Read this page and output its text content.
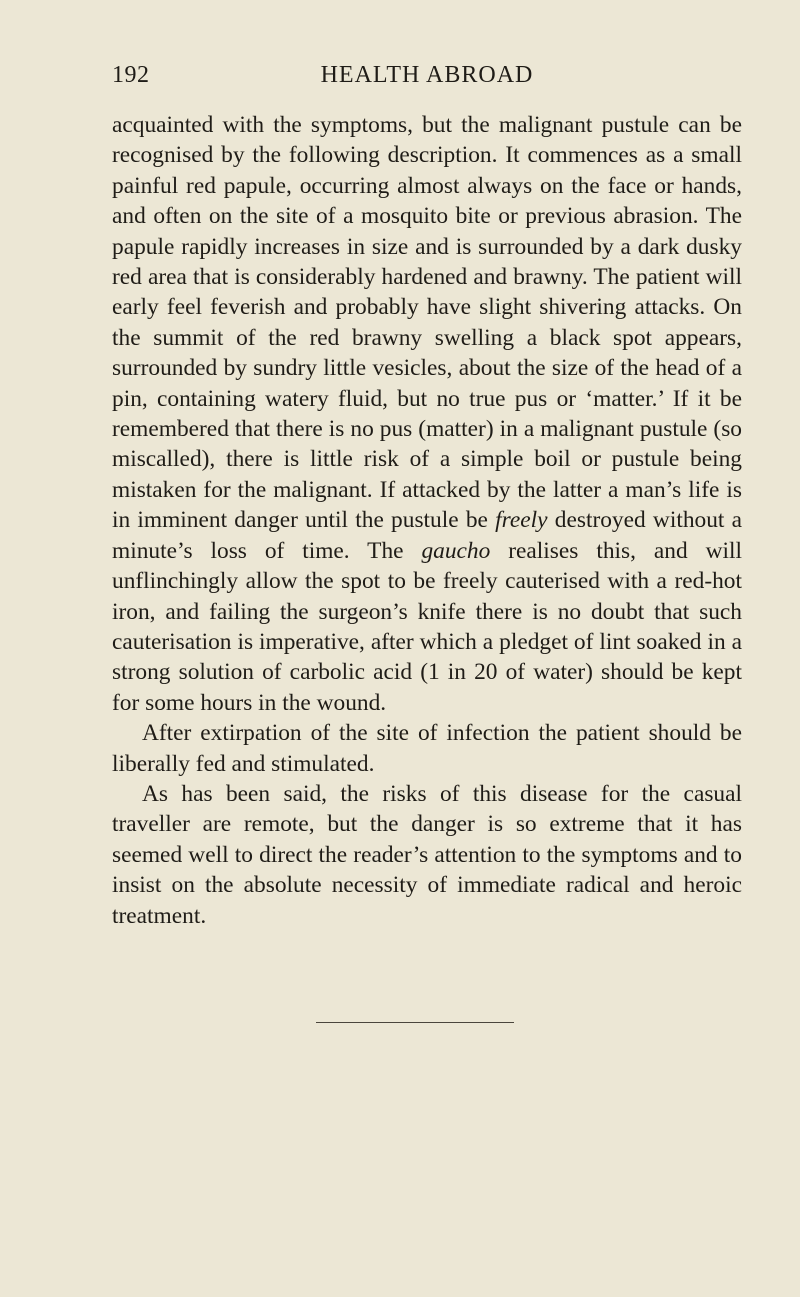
192	HEALTH ABROAD

acquainted with the symptoms, but the malignant pustule can be recognised by the following description. It commences as a small painful red papule, occurring almost always on the face or hands, and often on the site of a mosquito bite or previous abrasion. The papule rapidly increases in size and is surrounded by a dark dusky red area that is considerably hardened and brawny. The patient will early feel feverish and probably have slight shivering attacks. On the summit of the red brawny swelling a black spot appears, surrounded by sundry little vesicles, about the size of the head of a pin, containing watery fluid, but no true pus or ‘matter.’ If it be remembered that there is no pus (matter) in a malignant pustule (so miscalled), there is little risk of a simple boil or pustule being mistaken for the malignant. If attacked by the latter a man’s life is in imminent danger until the pustule be freely destroyed without a minute’s loss of time. The gaucho realises this, and will unflinchingly allow the spot to be freely cauterised with a red-hot iron, and failing the surgeon’s knife there is no doubt that such cauterisation is imperative, after which a pledget of lint soaked in a strong solution of carbolic acid (1 in 20 of water) should be kept for some hours in the wound.

After extirpation of the site of infection the patient should be liberally fed and stimulated.

As has been said, the risks of this disease for the casual traveller are remote, but the danger is so extreme that it has seemed well to direct the reader’s attention to the symptoms and to insist on the absolute necessity of immediate radical and heroic treatment.
